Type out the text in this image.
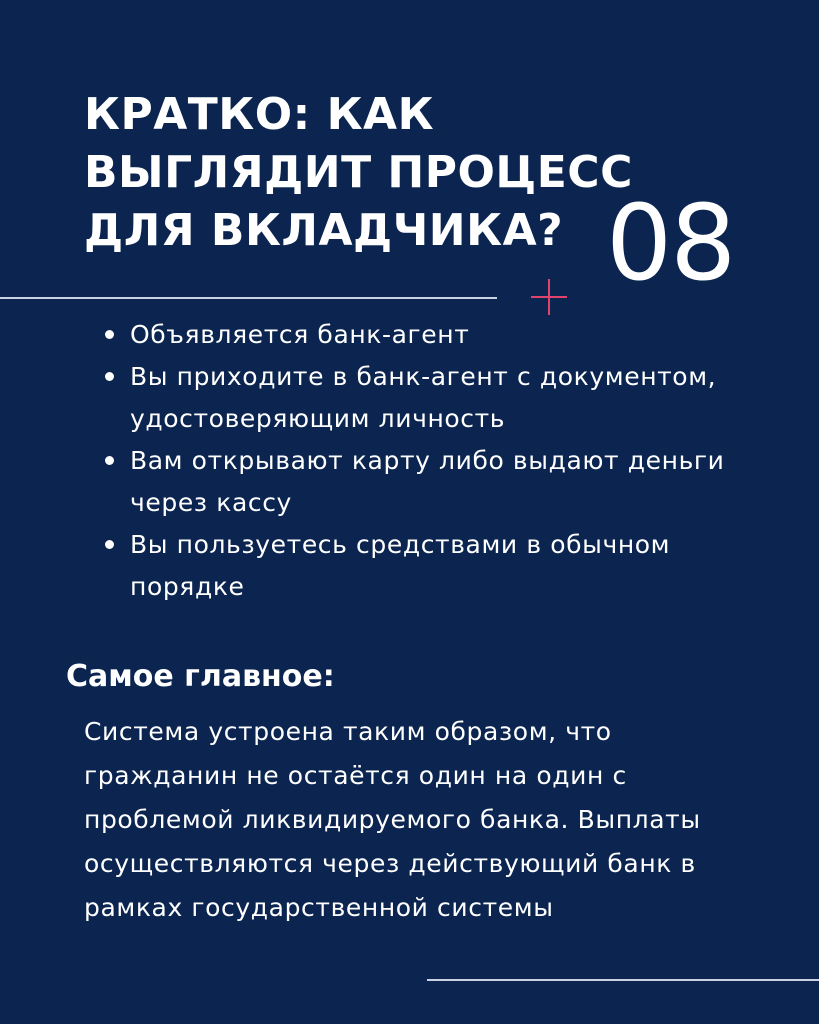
КРАТКО: КАК
ВЫГЛЯДИТ ПРОЦЕСС
ДЛЯ ВКЛАДЧИКА? 08
Объявляется банк-агент
Вы приходите в банк-агент с документом, удостоверяющим личность
Вам открывают карту либо выдают деньги через кассу
Вы пользуетесь средствами в обычном порядке
Самое главное:

Система устроена таким образом, что гражданин не остаётся один на один с проблемой ликвидируемого банка. Выплаты осуществляются через действующий банк в рамках государственной системы
